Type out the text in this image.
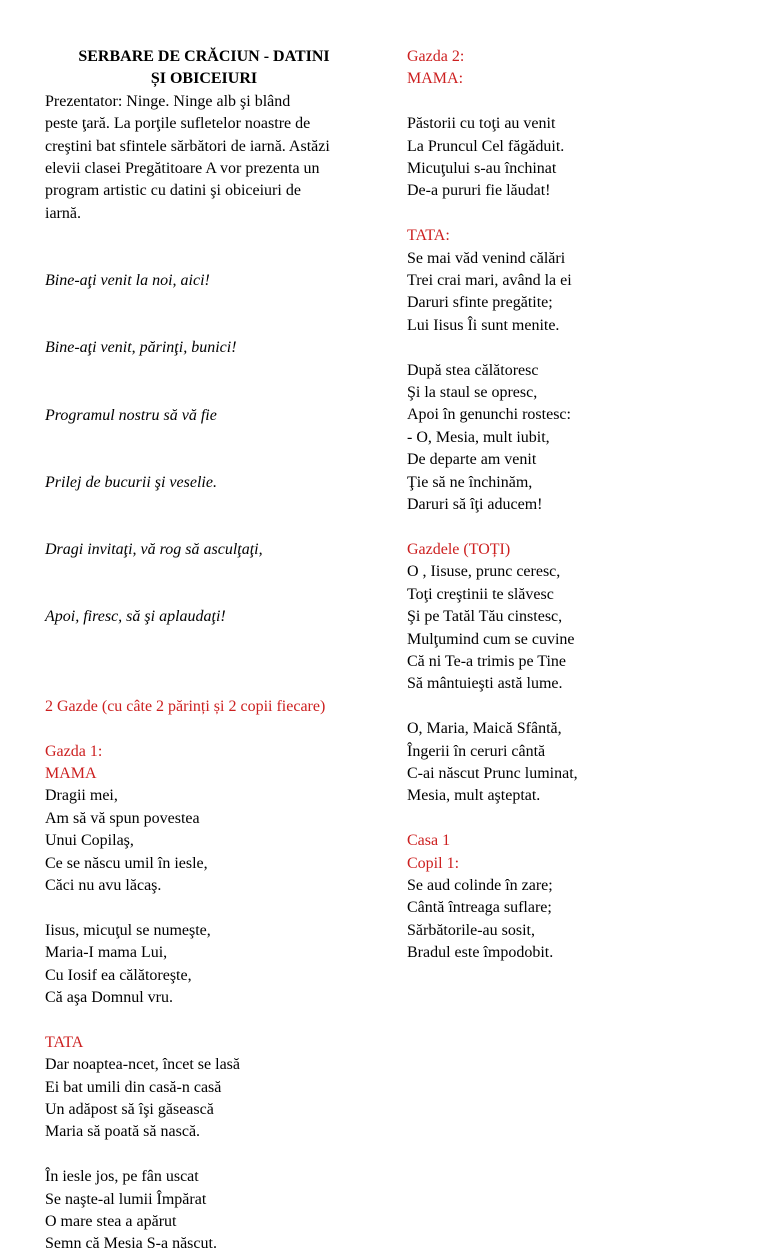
SERBARE DE CRĂCIUN - DATINI
ȘI OBICEIURI

Prezentator: Ninge. Ninge alb şi blând
peste ţară. La porţile sufletelor noastre de
creştini bat sfintele sărbători de iarnă. Astăzi
elevii clasei Pregătitoare A vor prezenta un
program artistic cu datini şi obiceiuri de
iarnă.

Bine-aţi venit la noi, aici!

Bine-aţi venit, părinţi, bunici!

Programul nostru să vă fie

Prilej de bucurii şi veselie.

Dragi invitaţi, vă rog să asculţaţi,

Apoi, firesc, să şi aplaudaţi!

2 Gazde (cu câte 2 părinți și 2 copii fiecare)
Gazda 1:
MAMA
Dragii mei,
Am să vă spun povestea
Unui Copilaş,
Ce se născu umil în iesle,
Căci nu avu lăcaş.
Iisus, micuţul se numeşte,
Maria-I mama Lui,
Cu Iosif ea călătoreşte,
Că aşa Domnul vru.
TATA
Dar noaptea-ncet, încet se lasă
Ei bat umili din casă-n casă
Un adăpost să îşi găsească
Maria să poată să nască.
În iesle jos, pe fân uscat
Se naşte-al lumii Împărat
O mare stea a apărut
Semn că Mesia S-a născut.
Gazda 2:
MAMA:
Păstorii cu toţi au venit
La Pruncul Cel făgăduit.
Micuţului s-au închinat
De-a pururi fie lăudat!
TATA:
Se mai văd venind călări
Trei crai mari, având la ei
Daruri sfinte pregătite;
Lui Iisus Îi sunt menite.
După stea călătoresc
Şi la staul se opresc,
Apoi în genunchi rostesc:
- O, Mesia, mult iubit,
De departe am venit
Ţie să ne închinăm,
Daruri să îţi aducem!
Gazdele (TOȚI)
O , Iisuse, prunc ceresc,
Toţi creştinii te slăvesc
Şi pe Tatăl Tău cinstesc,
Mulţumind cum se cuvine
Că ni Te-a trimis pe Tine
Să mântuieşti astă lume.
O, Maria, Maică Sfântă,
Îngerii în ceruri cântă
C-ai născut Prunc luminat,
Mesia, mult aşteptat.
Casa 1
Copil 1:
Se aud colinde în zare;
Cântă întreaga suflare;
Sărbătorile-au sosit,
Bradul este împodobit.
